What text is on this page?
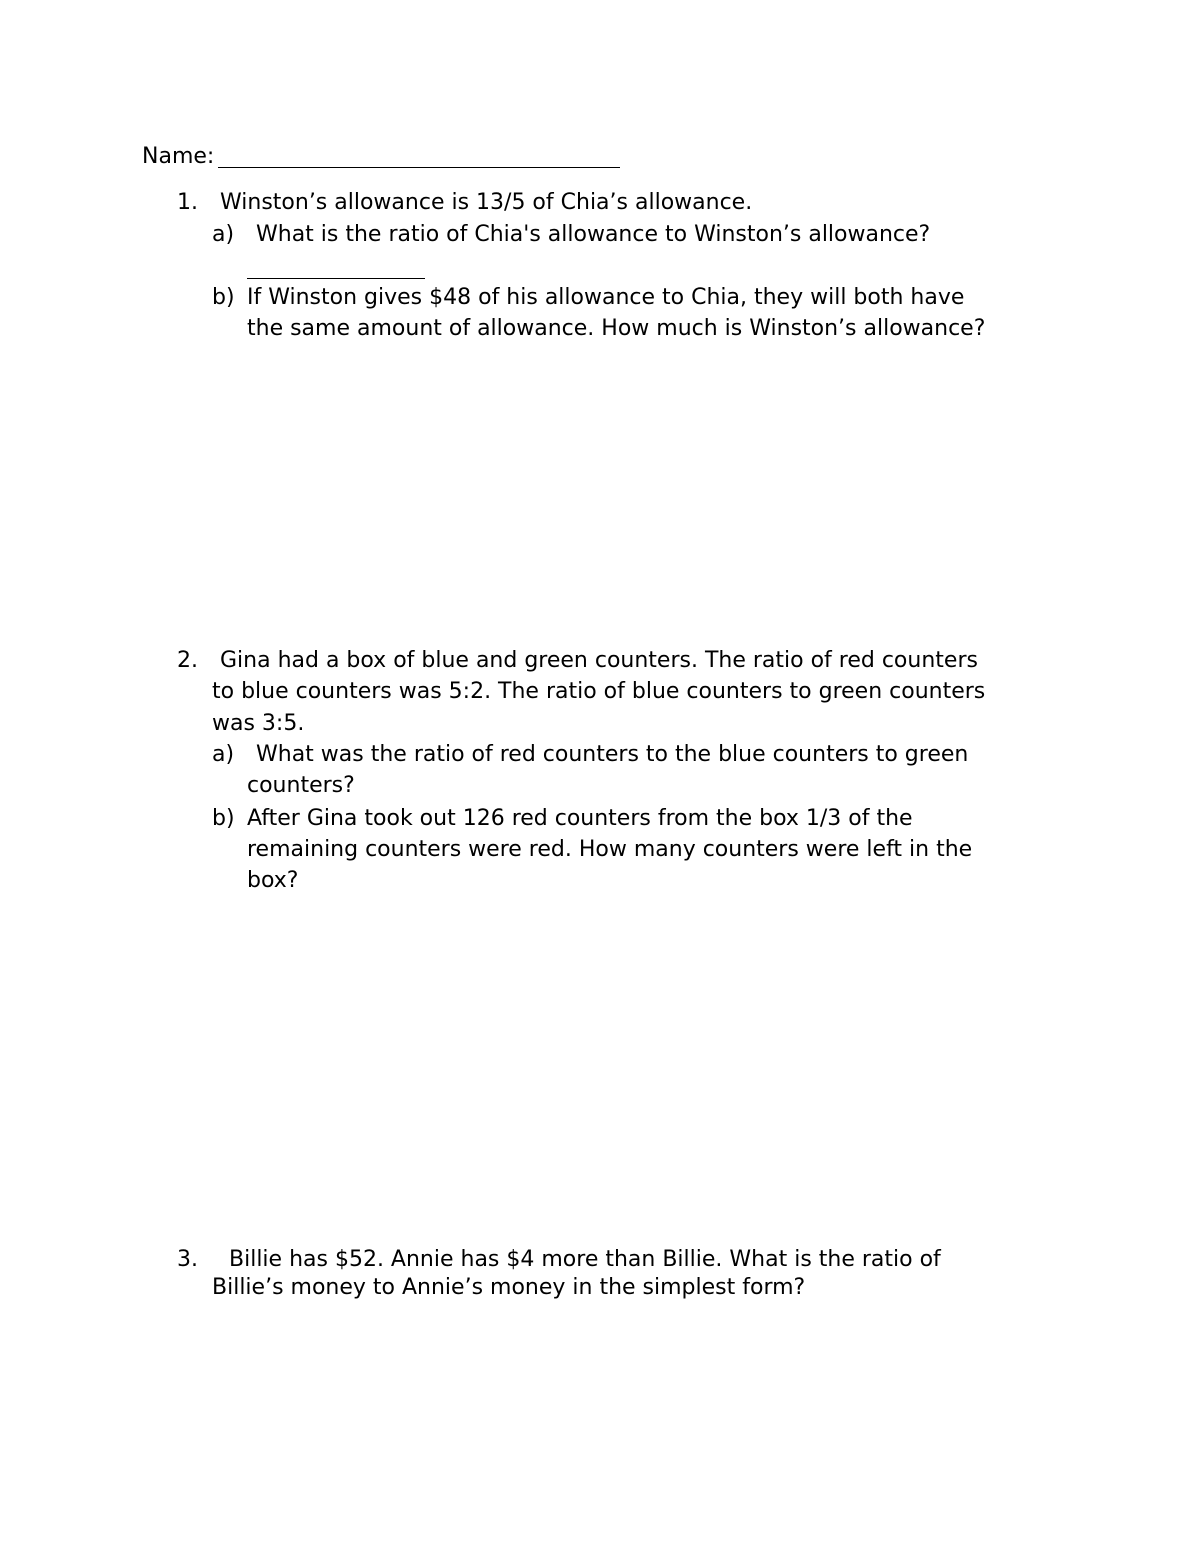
Name:
1. Winston’s allowance is 13/5 of Chia’s allowance.
a) What is the ratio of Chia's allowance to Winston’s allowance?
b) If Winston gives $48 of his allowance to Chia, they will both have
the same amount of allowance. How much is Winston’s allowance?
2. Gina had a box of blue and green counters. The ratio of red counters
to blue counters was 5:2. The ratio of blue counters to green counters
was 3:5.
a) What was the ratio of red counters to the blue counters to green
counters?
b) After Gina took out 126 red counters from the box 1/3 of the
remaining counters were red. How many counters were left in the
box?
3. Billie has $52. Annie has $4 more than Billie. What is the ratio of
Billie’s money to Annie’s money in the simplest form?
